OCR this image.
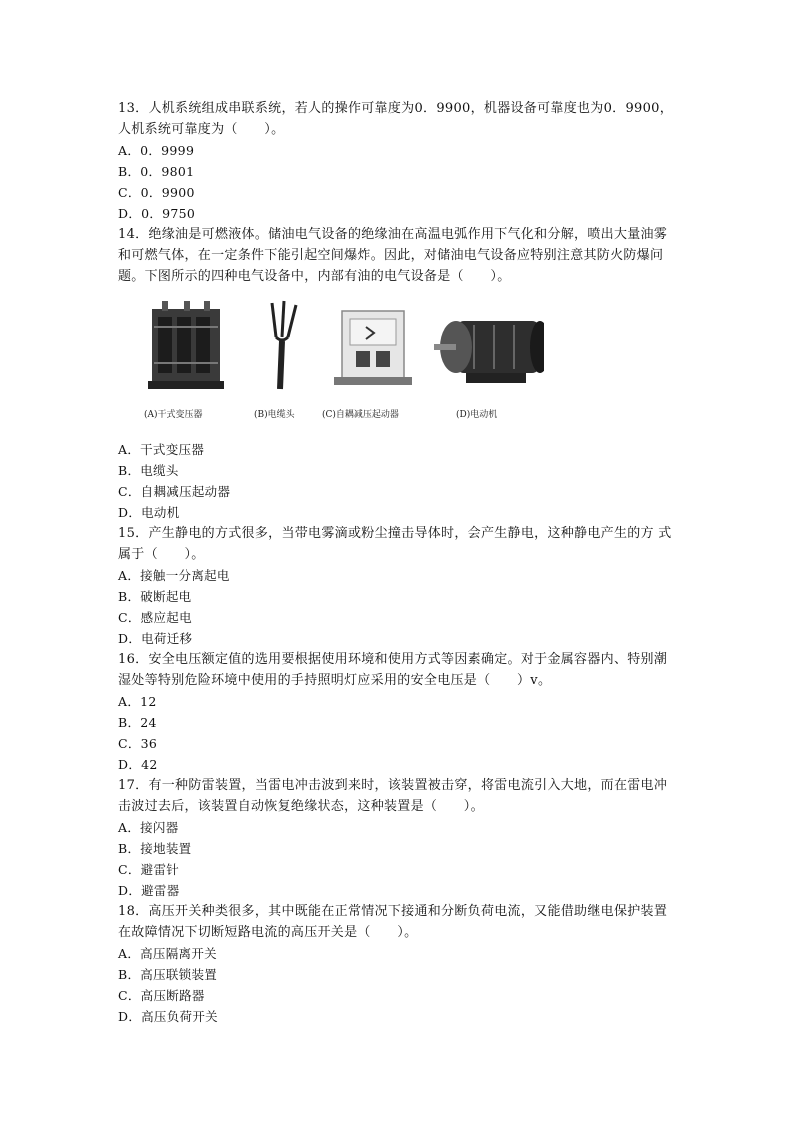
13．人机系统组成串联系统，若人的操作可靠度为0．9900，机器设备可靠度也为0．9900，人机系统可靠度为（　　）。

A．0．9999

B．0．9801

C．0．9900

D．0．9750

14．绝缘油是可燃液体。储油电气设备的绝缘油在高温电弧作用下气化和分解，喷出大量油雾和可燃气体，在一定条件下能引起空间爆炸。因此，对储油电气设备应特别注意其防火防爆问题。下图所示的四种电气设备中，内部有油的电气设备是（　　）。

(A)干式变压器	(B)电缆头	(C)自耦减压起动器	(D)电动机

A．干式变压器

B．电缆头

C．自耦减压起动器

D．电动机

15．产生静电的方式很多，当带电雾滴或粉尘撞击导体时，会产生静电，这种静电产生的方 式属于（　　）。

A．接触一分离起电

B．破断起电

C．感应起电

D．电荷迁移

16．安全电压额定值的选用要根据使用环境和使用方式等因素确定。对于金属容器内、特别潮湿处等特别危险环境中使用的手持照明灯应采用的安全电压是（　　）v。

A．12

B．24

C．36

D．42

17．有一种防雷装置，当雷电冲击波到来时，该装置被击穿，将雷电流引入大地，而在雷电冲击波过去后，该装置自动恢复绝缘状态，这种装置是（　　）。

A．接闪器

B．接地装置

C．避雷针

D．避雷器

18．高压开关种类很多，其中既能在正常情况下接通和分断负荷电流，又能借助继电保护装置在故障情况下切断短路电流的高压开关是（　　）。

A．高压隔离开关

B．高压联锁装置

C．高压断路器

D．高压负荷开关
